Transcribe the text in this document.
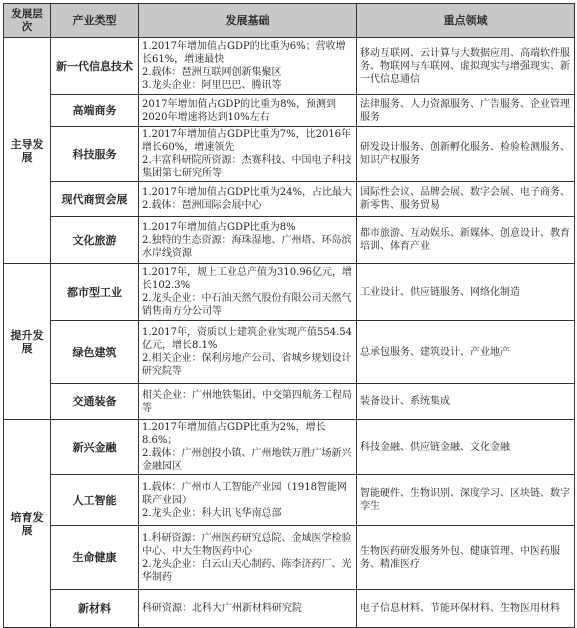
发展层次	产业类型	发展基础	重点领域
主导发展	新一代信息技术	1.2017年增加值占GDP的比重为6%；营收增长61%，增速最快
2.载体：琶洲互联网创新集聚区
3.龙头企业：阿里巴巴、腾讯等	移动互联网、云计算与大数据应用、高端软件服务、物联网与车联网、虚拟现实与增强现实、新一代信息通信
	高端商务	2017年增加值占GDP的比重为8%，预测到2020年增速将达到10%左右	法律服务、人力资源服务、广告服务、企业管理服务
	科技服务	1.2017年增加值占GDP比重为7%，比2016年增长60%，增速领先
2.丰富科研院所资源：杰赛科技、中国电子科技集团第七研究所等	研发设计服务、创新孵化服务、检验检测服务、知识产权服务
	现代商贸会展	1.2017年增加值占GDP比重为24%，占比最大
2.载体：琶洲国际会展中心	国际性会议、品牌会展、数字会展、电子商务、新零售、服务贸易
	文化旅游	1.2017年增加值占GDP比重为8%
2.独特的生态资源：海珠湿地、广州塔、环岛滨水岸线资源	都市旅游、互动娱乐、新媒体、创意设计、教育培训、体育产业
提升发展	都市型工业	1.2017年，规上工业总产值为310.96亿元，增长102.3%
2.龙头企业：中石油天然气股份有限公司天然气销售南方分公司等	工业设计、供应链服务、网络化制造
	绿色建筑	1.2017年，资质以上建筑企业实现产值554.54亿元，增长8.1%
2.相关企业：保利房地产公司、省城乡规划设计研究院等	总承包服务、建筑设计、产业地产
	交通装备	相关企业：广州地铁集团、中交第四航务工程局等	装备设计、系统集成
培育发展	新兴金融	1.2017年增加值占GDP比重为2%，增长8.6%；
2.载体：广州创投小镇、广州地铁万胜广场新兴金融园区	科技金融、供应链金融、文化金融
	人工智能	1.载体：广州市人工智能产业园（1918智能网联产业园）
2.龙头企业：科大讯飞华南总部	智能硬件、生物识别、深度学习、区块链、数字孪生
	生命健康	1.科研资源：广州医药研究总院、金域医学检验中心、中大生物医药中心
2.龙头企业：白云山天心制药、陈李济药厂、光华制药	生物医药研发服务外包、健康管理、中医药服务、精准医疗
	新材料	科研资源：北科大广州新材料研究院	电子信息材料、节能环保材料、生物医用材料
